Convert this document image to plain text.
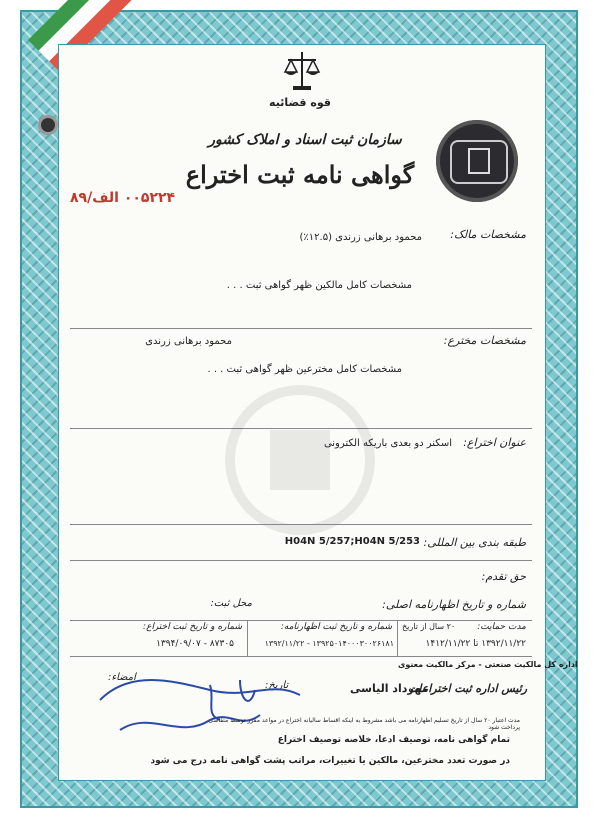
قوه قضائیه
سازمان ثبت اسناد و املاک کشور
گواهی نامه ثبت اختراع
۰۰۵۲۲۴ الف/۸۹
مشخصات مالک:
محمود برهانی زرندی (۱۲.۵٪)
مشخصات کامل مالکین ظهر گواهی ثبت . . .
مشخصات مخترع:
محمود برهانی زرندی
مشخصات کامل مخترعین ظهر گواهی ثبت . . .
عنوان اختراع:
اسکنر دو بعدی باریکه الکترونی
طبقه بندی بین المللی:
H04N 5/257;H04N 5/253
حق تقدم:
شماره و تاریخ اظهارنامه اصلی:
محل ثبت:
مدت حمایت:
۲۰ سال از تاریخ
۱۳۹۲/۱۱/۲۲ تا ۱۴۱۲/۱۱/۲۲
شماره و تاریخ ثبت اظهارنامه:
۱۳۹۲۵۰۱۴۰۰۰۳۰۰۲۶۱۸۱ - ۱۳۹۲/۱۱/۲۲
شماره و تاریخ ثبت اختراع:
۸۷۳۰۵ - ۱۳۹۴/۰۹/۰۷
امضاء:
تاریخ:	مهرداد الیاسی
اداره کل مالکیت صنعتی - مرکز مالکیت معنوی
رئیس اداره ثبت اختراعات
مدت اعتبار ۲۰ سال از تاریخ تسلیم اظهارنامه می باشد مشروط به اینکه اقساط سالیانه اختراع در مواعد مقرر توسط متقاضی پرداخت شود
تمام گواهی نامه، توصیف ادعا، خلاصه توصیف اختراع
در صورت تعدد مخترعین، مالکین یا تغییرات، مراتب پشت گواهی نامه درج می شود
